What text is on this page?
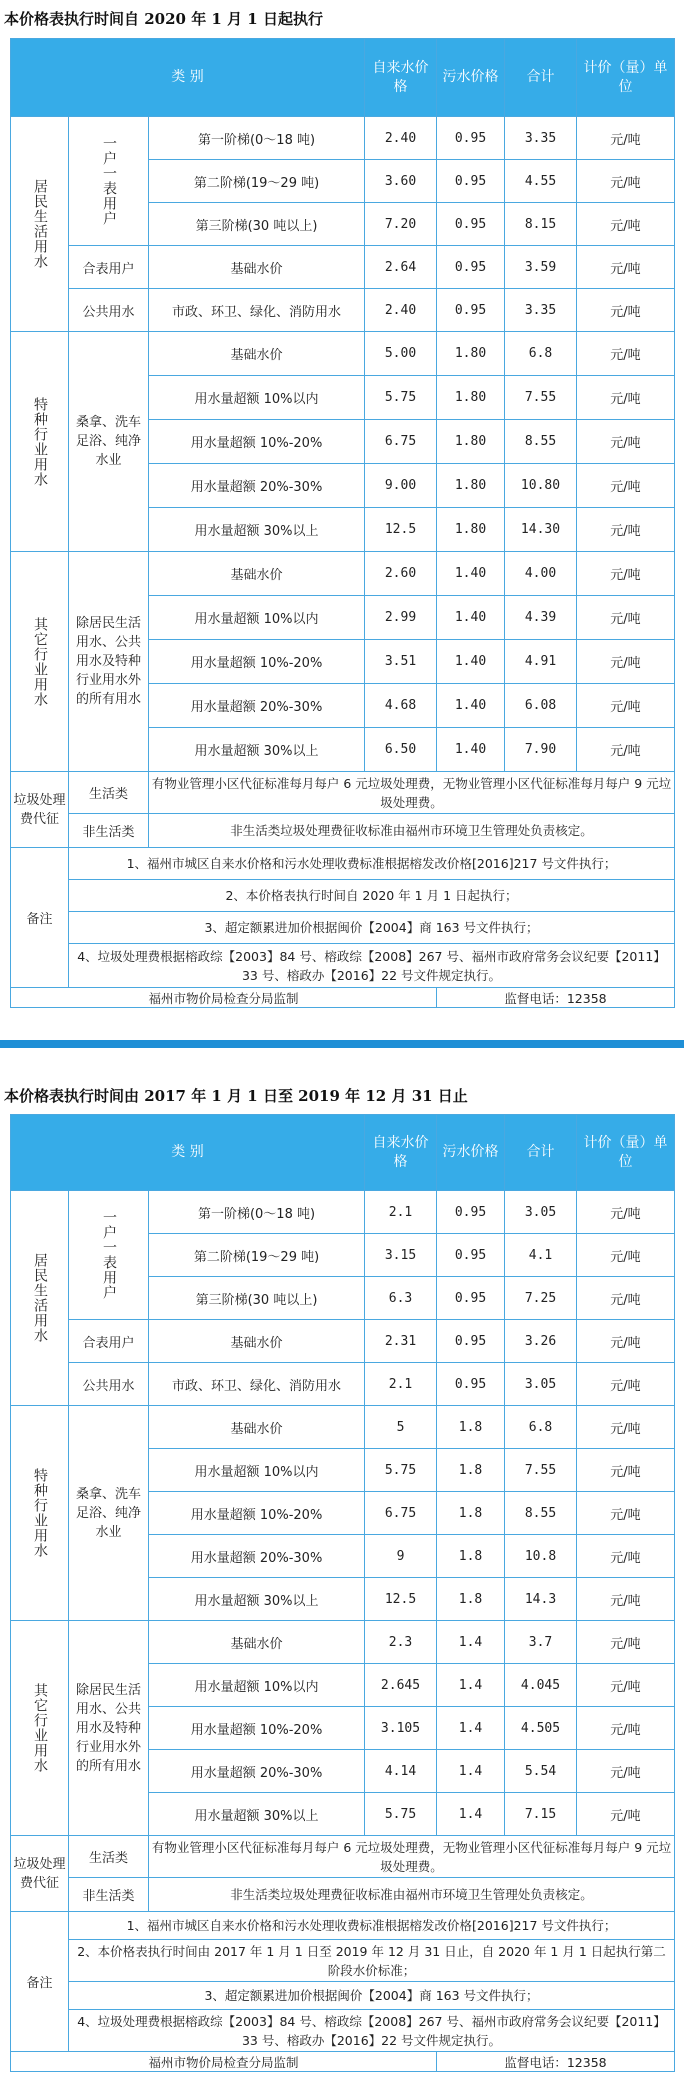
本价格表执行时间自 2020 年 1 月 1 日起执行
类 别			自来水价格	污水价格	合计	计价（量）单位

居民生活用水	一户一表用户	第一阶梯(0～18 吨)	2.40	0.95	3.35	元/吨
		第二阶梯(19～29 吨)	3.60	0.95	4.55	元/吨
		第三阶梯(30 吨以上)	7.20	0.95	8.15	元/吨
	合表用户	基础水价	2.64	0.95	3.59	元/吨
	公共用水	市政、环卫、绿化、消防用水	2.40	0.95	3.35	元/吨

特种行业用水	桑拿、洗车足浴、纯净水业	基础水价	5.00	1.80	6.8	元/吨
		用水量超额 10%以内	5.75	1.80	7.55	元/吨
		用水量超额 10%-20%	6.75	1.80	8.55	元/吨
		用水量超额 20%-30%	9.00	1.80	10.80	元/吨
		用水量超额 30%以上	12.5	1.80	14.30	元/吨

其它行业用水	除居民生活用水、公共用水及特种行业用水外的所有用水	基础水价	2.60	1.40	4.00	元/吨
		用水量超额 10%以内	2.99	1.40	4.39	元/吨
		用水量超额 10%-20%	3.51	1.40	4.91	元/吨
		用水量超额 20%-30%	4.68	1.40	6.08	元/吨
		用水量超额 30%以上	6.50	1.40	7.90	元/吨
垃圾处理费代征	生活类	有物业管理小区代征标准每月每户 6 元垃圾处理费，无物业管理小区代征标准每月每户 9 元垃圾处理费。				
	非生活类	非生活类垃圾处理费征收标准由福州市环境卫生管理处负责核定。				
备注	1、福州市城区自来水价格和污水处理收费标准根据榕发改价格[2016]217 号文件执行；					
	2、本价格表执行时间自 2020 年 1 月 1 日起执行；					
	3、超定额累进加价根据闽价【2004】商 163 号文件执行；					
	4、垃圾处理费根据榕政综【2003】84 号、榕政综【2008】267 号、福州市政府常务会议纪要【2011】 33 号、榕政办【2016】22 号文件规定执行。					
福州市物价局检查分局监制				监督电话：12358		
本价格表执行时间由 2017 年 1 月 1 日至 2019 年 12 月 31 日止
类 别			自来水价格	污水价格	合计	计价（量）单位

居民生活用水	一户一表用户	第一阶梯(0～18 吨)	2.1	0.95	3.05	元/吨
		第二阶梯(19～29 吨)	3.15	0.95	4.1	元/吨
		第三阶梯(30 吨以上)	6.3	0.95	7.25	元/吨
	合表用户	基础水价	2.31	0.95	3.26	元/吨
	公共用水	市政、环卫、绿化、消防用水	2.1	0.95	3.05	元/吨

特种行业用水	桑拿、洗车足浴、纯净水业	基础水价	5	1.8	6.8	元/吨
		用水量超额 10%以内	5.75	1.8	7.55	元/吨
		用水量超额 10%-20%	6.75	1.8	8.55	元/吨
		用水量超额 20%-30%	9	1.8	10.8	元/吨
		用水量超额 30%以上	12.5	1.8	14.3	元/吨

其它行业用水	除居民生活用水、公共用水及特种行业用水外的所有用水	基础水价	2.3	1.4	3.7	元/吨
		用水量超额 10%以内	2.645	1.4	4.045	元/吨
		用水量超额 10%-20%	3.105	1.4	4.505	元/吨
		用水量超额 20%-30%	4.14	1.4	5.54	元/吨
		用水量超额 30%以上	5.75	1.4	7.15	元/吨
垃圾处理费代征	生活类	有物业管理小区代征标准每月每户 6 元垃圾处理费，无物业管理小区代征标准每月每户 9 元垃圾处理费。				
	非生活类	非生活类垃圾处理费征收标准由福州市环境卫生管理处负责核定。				
备注	1、福州市城区自来水价格和污水处理收费标准根据榕发改价格[2016]217 号文件执行；					
	2、本价格表执行时间由 2017 年 1 月 1 日至 2019 年 12 月 31 日止，自 2020 年 1 月 1 日起执行第二阶段水价标准；					
	3、超定额累进加价根据闽价【2004】商 163 号文件执行；					
	4、垃圾处理费根据榕政综【2003】84 号、榕政综【2008】267 号、福州市政府常务会议纪要【2011】 33 号、榕政办【2016】22 号文件规定执行。					
福州市物价局检查分局监制				监督电话：12358		
